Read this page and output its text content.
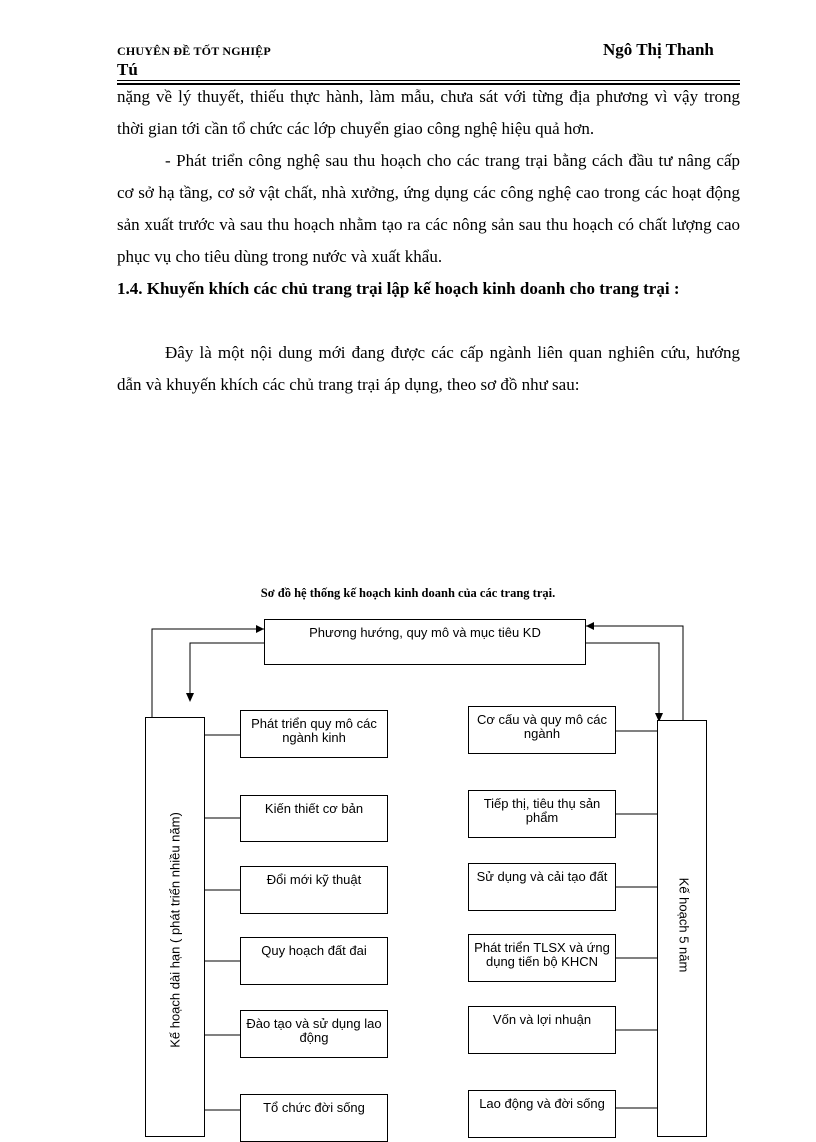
CHUYÊN ĐỀ TỐT NGHIỆP
Tú
Ngô Thị Thanh
nặng về lý thuyết, thiếu thực hành, làm mẫu, chưa sát với từng địa phương vì vậy trong thời gian tới cần tổ chức các lớp chuyển giao công nghệ hiệu quả hơn.
- Phát triển công nghệ sau thu hoạch cho các trang trại bằng cách đầu tư nâng cấp cơ sở hạ tầng, cơ sở vật chất, nhà xưởng, ứng dụng các công nghệ cao trong các hoạt động sản xuất trước và sau thu hoạch nhằm tạo ra các nông sản sau thu hoạch có chất lượng cao phục vụ cho tiêu dùng trong nước và xuất khẩu.
1.4. Khuyến khích các chủ trang trại lập kế hoạch kinh doanh cho trang trại :
Đây là một nội dung mới đang được các cấp ngành liên quan nghiên cứu, hướng dẫn và khuyến khích các chủ trang trại áp dụng, theo sơ đồ như sau:
Sơ đồ hệ thống kế hoạch kinh doanh của các trang trại.
Phương hướng, quy mô và mục tiêu KD
Kế hoạch dài hạn ( phát triển nhiều năm)	Kế hoạch 5 năm
Phát triển quy mô các ngành kinh
Kiến thiết cơ bản
Đổi mới kỹ thuật
Quy hoạch đất đai
Đào tạo và sử dụng lao động
Tổ chức đời sống
Cơ cấu và quy mô các ngành
Tiếp thị, tiêu thụ sản phẩm
Sử dụng và cải tạo đất
Phát triển TLSX và ứng dụng tiến bộ KHCN
Vốn và lợi nhuận
Lao động và đời sống
